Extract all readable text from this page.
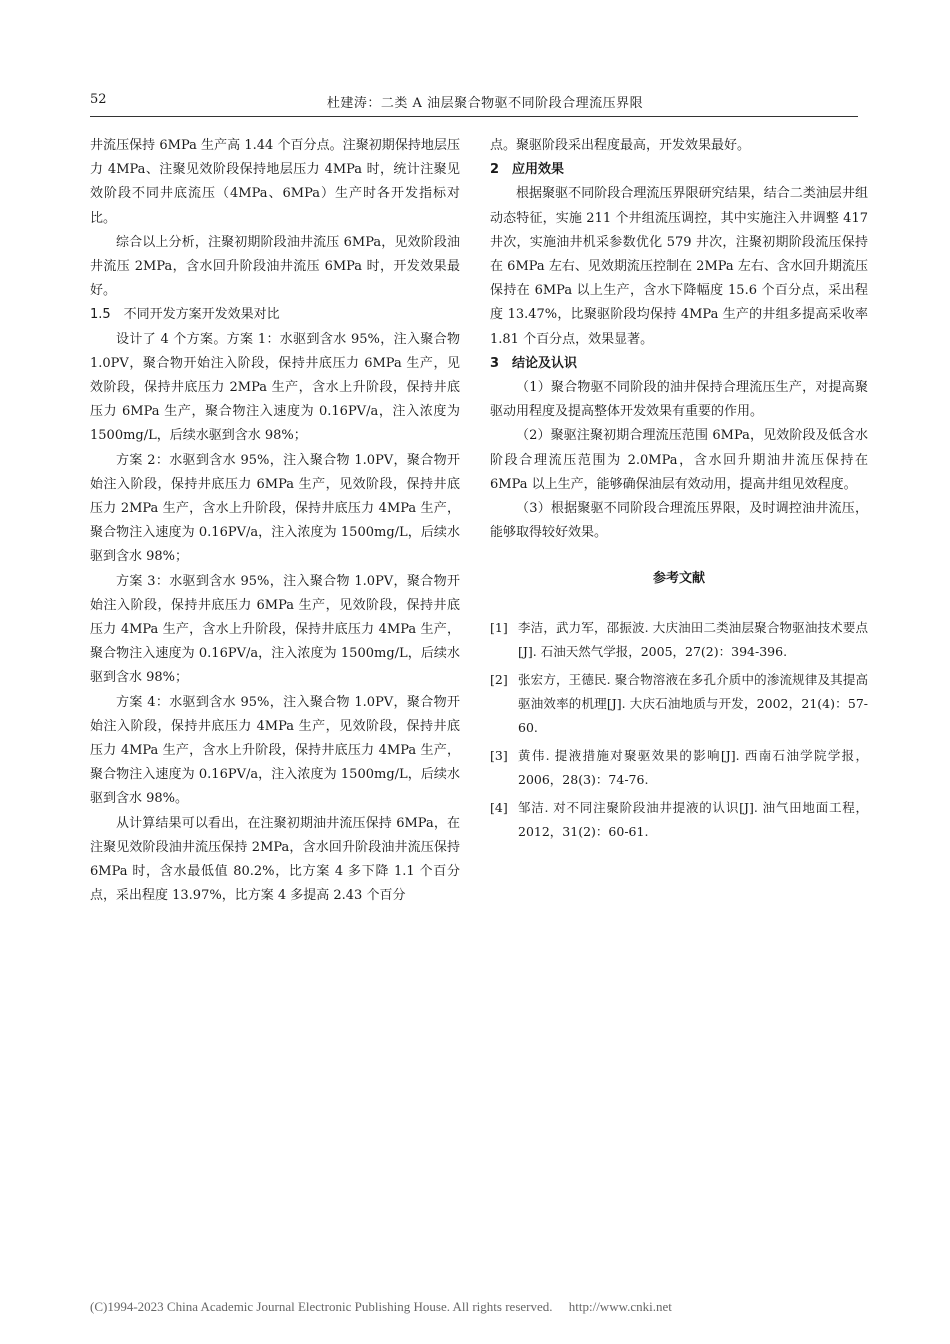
52	杜建涛：二类 A 油层聚合物驱不同阶段合理流压界限

井流压保持 6MPa 生产高 1.44 个百分点。注聚初期保持地层压力 4MPa、注聚见效阶段保持地层压力 4MPa 时，统计注聚见效阶段不同井底流压（4MPa、6MPa）生产时各开发指标对比。

综合以上分析，注聚初期阶段油井流压 6MPa，见效阶段油井流压 2MPa，含水回升阶段油井流压 6MPa 时，开发效果最好。

1.5　不同开发方案开发效果对比

设计了 4 个方案。方案 1：水驱到含水 95%，注入聚合物 1.0PV，聚合物开始注入阶段，保持井底压力 6MPa 生产，见效阶段，保持井底压力 2MPa 生产，含水上升阶段，保持井底压力 6MPa 生产，聚合物注入速度为 0.16PV/a，注入浓度为 1500mg/L，后续水驱到含水 98%；

方案 2：水驱到含水 95%，注入聚合物 1.0PV，聚合物开始注入阶段，保持井底压力 6MPa 生产，见效阶段，保持井底压力 2MPa 生产，含水上升阶段，保持井底压力 4MPa 生产，聚合物注入速度为 0.16PV/a，注入浓度为 1500mg/L，后续水驱到含水 98%；

方案 3：水驱到含水 95%，注入聚合物 1.0PV，聚合物开始注入阶段，保持井底压力 6MPa 生产，见效阶段，保持井底压力 4MPa 生产，含水上升阶段，保持井底压力 4MPa 生产，聚合物注入速度为 0.16PV/a，注入浓度为 1500mg/L，后续水驱到含水 98%；

方案 4：水驱到含水 95%，注入聚合物 1.0PV，聚合物开始注入阶段，保持井底压力 4MPa 生产，见效阶段，保持井底压力 4MPa 生产，含水上升阶段，保持井底压力 4MPa 生产，聚合物注入速度为 0.16PV/a，注入浓度为 1500mg/L，后续水驱到含水 98%。

从计算结果可以看出，在注聚初期油井流压保持 6MPa，在注聚见效阶段油井流压保持 2MPa，含水回升阶段油井流压保持 6MPa 时，含水最低值 80.2%，比方案 4 多下降 1.1 个百分点，采出程度 13.97%，比方案 4 多提高 2.43 个百分

点。聚驱阶段采出程度最高，开发效果最好。

2　应用效果

根据聚驱不同阶段合理流压界限研究结果，结合二类油层井组动态特征，实施 211 个井组流压调控，其中实施注入井调整 417 井次，实施油井机采参数优化 579 井次，注聚初期阶段流压保持在 6MPa 左右、见效期流压控制在 2MPa 左右、含水回升期流压保持在 6MPa 以上生产，含水下降幅度 15.6 个百分点，采出程度 13.47%，比聚驱阶段均保持 4MPa 生产的井组多提高采收率 1.81 个百分点，效果显著。

3　结论及认识

（1）聚合物驱不同阶段的油井保持合理流压生产，对提高聚驱动用程度及提高整体开发效果有重要的作用。

（2）聚驱注聚初期合理流压范围 6MPa，见效阶段及低含水阶段合理流压范围为 2.0MPa，含水回升期油井流压保持在 6MPa 以上生产，能够确保油层有效动用，提高井组见效程度。

（3）根据聚驱不同阶段合理流压界限，及时调控油井流压，能够取得较好效果。

参考文献

[1] 李洁，武力军，邵振波. 大庆油田二类油层聚合物驱油技术要点[J]. 石油天然气学报，2005，27(2)：394-396.
[2] 张宏方，王德民. 聚合物溶液在多孔介质中的渗流规律及其提高驱油效率的机理[J]. 大庆石油地质与开发，2002，21(4)：57-60.
[3] 黄伟. 提液措施对聚驱效果的影响[J]. 西南石油学院学报，2006，28(3)：74-76.
[4] 邹洁. 对不同注聚阶段油井提液的认识[J]. 油气田地面工程，2012，31(2)：60-61.
(C)1994-2023 China Academic Journal Electronic Publishing House. All rights reserved.　 http://www.cnki.net
